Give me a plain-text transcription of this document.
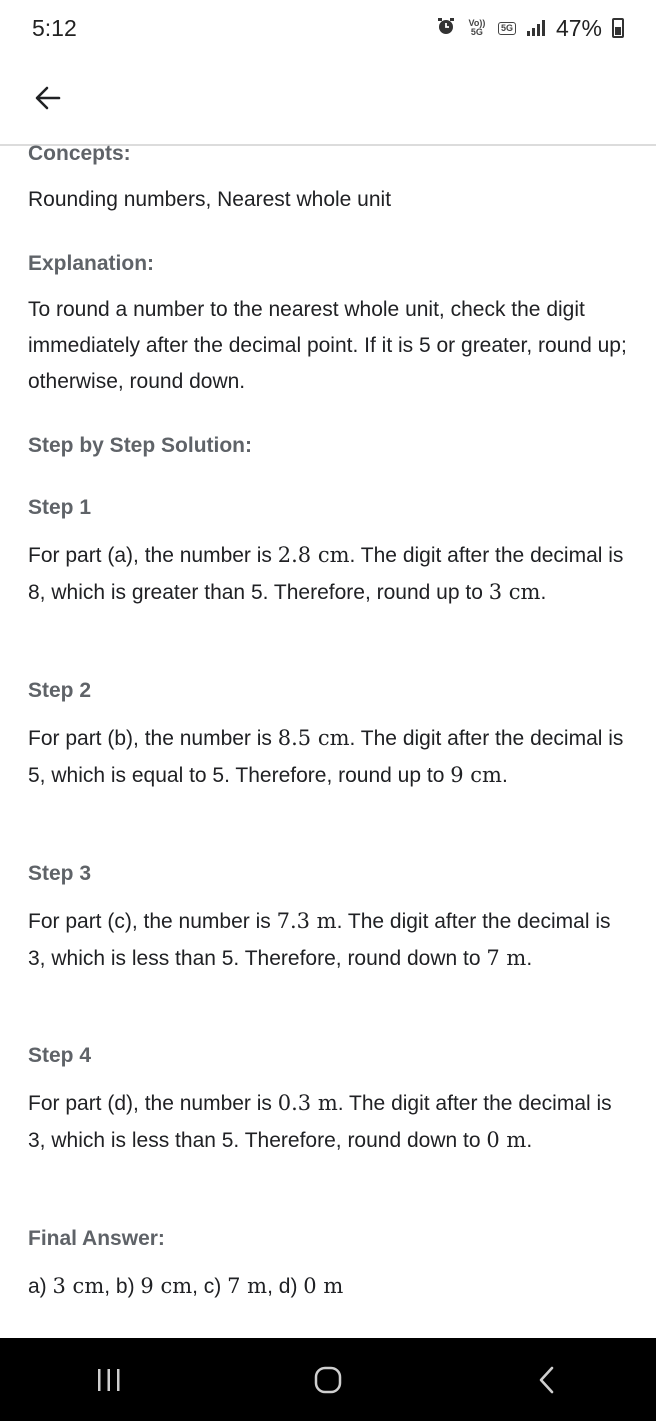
5:12	Vo)) 5G	5G 47%
Concepts:
Rounding numbers, Nearest whole unit
Explanation:
To round a number to the nearest whole unit, check the digit immediately after the decimal point. If it is 5 or greater, round up; otherwise, round down.
Step by Step Solution:
Step 1
For part (a), the number is 2.8 cm. The digit after the decimal is 8, which is greater than 5. Therefore, round up to 3 cm.
Step 2
For part (b), the number is 8.5 cm. The digit after the decimal is 5, which is equal to 5. Therefore, round up to 9 cm.
Step 3
For part (c), the number is 7.3 m. The digit after the decimal is 3, which is less than 5. Therefore, round down to 7 m.
Step 4
For part (d), the number is 0.3 m. The digit after the decimal is 3, which is less than 5. Therefore, round down to 0 m.
Final Answer:
a) 3 cm, b) 9 cm, c) 7 m, d) 0 m
